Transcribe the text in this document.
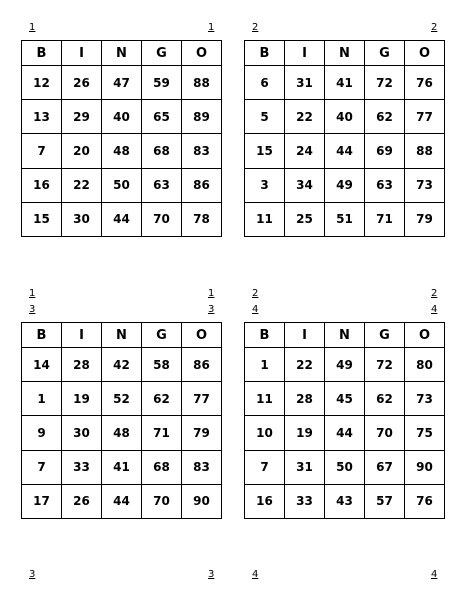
1	1	2	2
1	1
3	3
2	2
4	4
3	3	4	4
B	I	N	G	O
12	26	47	59	88
13	29	40	65	89
7	20	48	68	83
16	22	50	63	86
15	30	44	70	78
B	I	N	G	O
6	31	41	72	76
5	22	40	62	77
15	24	44	69	88
3	34	49	63	73
11	25	51	71	79
B	I	N	G	O
14	28	42	58	86
1	19	52	62	77
9	30	48	71	79
7	33	41	68	83
17	26	44	70	90
B	I	N	G	O
1	22	49	72	80
11	28	45	62	73
10	19	44	70	75
7	31	50	67	90
16	33	43	57	76
